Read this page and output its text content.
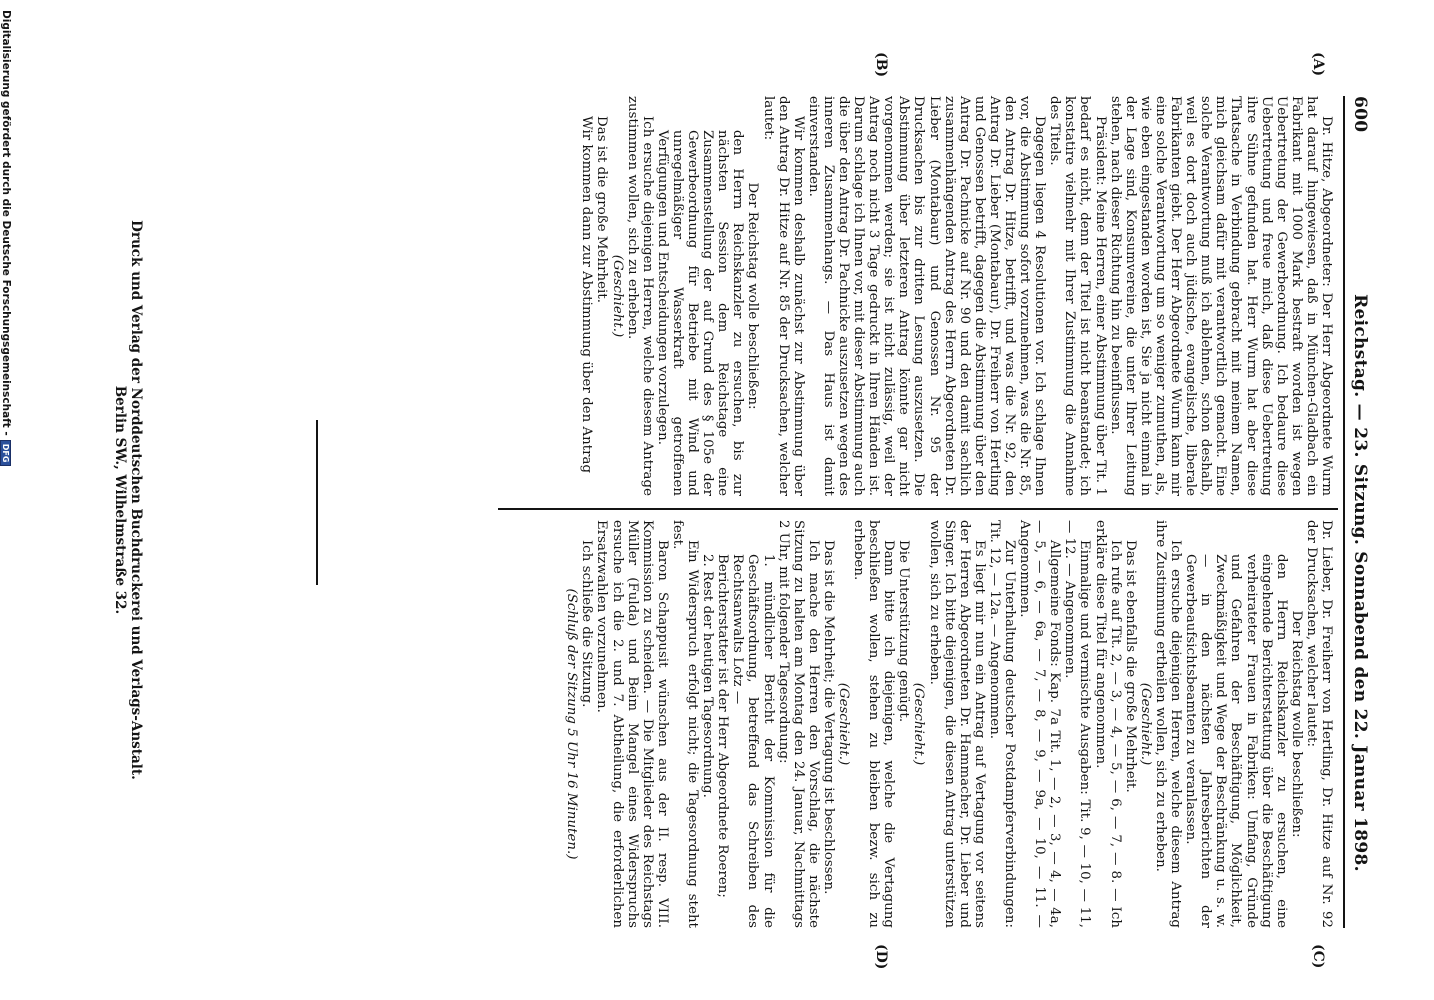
600
Reichstag. — 23. Sitzung. Sonnabend den 22. Januar 1898.
(A)
(B)
(C)
(D)

Dr. Hitze, Abgeordneter: Der Herr Abgeordnete Wurm hat darauf hingewiesen, daß in München-Gladbach ein Fabrikant mit 1000 Mark bestraft worden ist wegen Uebertretung der Gewerbeordnung. Ich bedaure diese Uebertretung und freue mich, daß diese Uebertretung ihre Sühne gefunden hat. Herr Wurm hat aber diese Thatsache in Verbindung gebracht mit meinem Namen, mich gleichsam dafür mit verantwortlich gemacht. Eine solche Verantwortung muß ich ablehnen, schon deshalb, weil es dort doch auch jüdische, evangelische, liberale Fabrikanten giebt. Der Herr Abgeordnete Wurm kann mir eine solche Verantwortung um so weniger zumuthen, als, wie eben eingestanden worden ist, Sie ja nicht einmal in der Lage sind, Konsumvereine, die unter Ihrer Leitung stehen, nach dieser Richtung hin zu beeinflussen.

Präsident: Meine Herren, einer Abstimmung über Tit. 1 bedarf es nicht, denn der Titel ist nicht beanstandet; ich konstatire vielmehr mit Ihrer Zustimmung die Annahme des Titels.

Dagegen liegen 4 Resolutionen vor. Ich schlage Ihnen vor, die Abstimmung sofort vorzunehmen, was die Nr. 85, den Antrag Dr. Hitze, betrifft, und was die Nr. 92, den Antrag Dr. Lieber (Montabaur), Dr. Freiherr von Hertling und Genossen betrifft, dagegen die Abstimmung über den Antrag Dr. Pachnicke auf Nr. 90 und den damit sachlich zusammenhängenden Antrag des Herrn Abgeordneten Dr. Lieber (Montabaur) und Genossen Nr. 95 der Drucksachen bis zur dritten Lesung auszusetzen. Die Abstimmung über letzteren Antrag könnte gar nicht vorgenommen werden; sie ist nicht zulässig, weil der Antrag noch nicht 3 Tage gedruckt in Ihren Händen ist. Darum schlage ich Ihnen vor, mit dieser Abstimmung auch die über den Antrag Dr. Pachnicke auszusetzen wegen des inneren Zusammenhangs. — Das Haus ist damit einverstanden.

Wir kommen deshalb zunächst zur Abstimmung über den Antrag Dr. Hitze auf Nr. 85 der Drucksachen, welcher lautet:

Der Reichstag wolle beschließen:

den Herrn Reichskanzler zu ersuchen, bis zur nächsten Session dem Reichstage eine Zusammenstellung der auf Grund des § 105e der Gewerbeordnung für Betriebe mit Wind und unregelmäßiger Wasserkraft getroffenen Verfügungen und Entscheidungen vorzulegen.

Ich ersuche diejenigen Herren, welche diesem Antrage zustimmen wollen, sich zu erheben.

(Geschieht.)

Das ist die große Mehrheit.

Wir kommen dann zur Abstimmung über den Antrag

Dr. Lieber, Dr. Freiherr von Hertling, Dr. Hitze auf Nr. 92 der Drucksachen, welcher lautet:

Der Reichstag wolle beschließen:

den Herrn Reichskanzler zu ersuchen, eine eingehende Berichterstattung über die Beschäftigung verheirateter Frauen in Fabriken: Umfang, Gründe und Gefahren der Beschäftigung, Möglichkeit, Zweckmäßigkeit und Wege der Beschränkung u. s. w. — in den nächsten Jahresberichten der Gewerbeaufsichtsbeamten zu veranlassen.

Ich ersuche diejenigen Herren, welche diesem Antrag ihre Zustimmung ertheilen wollen, sich zu erheben.

(Geschieht.)

Das ist ebenfalls die große Mehrheit.

Ich rufe auf Tit. 2, — 3, — 4, — 5, — 6, — 7, — 8. — Ich erkläre diese Titel für angenommen.

Einmalige und vermischte Ausgaben: Tit. 9, — 10, — 11, — 12. — Angenommen.

Allgemeine Fonds: Kap. 7a Tit. 1, — 2, — 3, — 4, — 4a, — 5, — 6, — 6a, — 7, — 8, — 9, — 9a, — 10, — 11. — Angenommen.

Zur Unterhaltung deutscher Postdampferverbindungen: Tit. 12, — 12a. — Angenommen.

Es liegt mir nun ein Antrag auf Vertagung vor seitens der Herren Abgeordneten Dr. Hammacher, Dr. Lieber und Singer. Ich bitte diejenigen, die diesen Antrag unterstützen wollen, sich zu erheben.

(Geschieht.)

Die Unterstützung genügt.

Dann bitte ich diejenigen, welche die Vertagung beschließen wollen, stehen zu bleiben bezw. sich zu erheben.

(Geschieht.)

Das ist die Mehrheit; die Vertagung ist beschlossen.

Ich mache den Herren den Vorschlag, die nächste Sitzung zu halten am Montag den 24. Januar, Nachmittags 2 Uhr, mit folgender Tagesordnung:

1. mündlicher Bericht der Kommission für die Geschäftsordnung, betreffend das Schreiben des Rechtsanwalts Lotz —

Berichterstatter ist der Herr Abgeordnete Roeren;

2. Rest der heutigen Tagesordnung.

Ein Widerspruch erfolgt nicht; die Tagesordnung steht fest.

Baron Schappusit wünschen aus der II. resp. VIII. Kommission zu scheiden. — Die Mitglieder des Reichstags Müller (Fulda) und Beim Mangel eines Widerspruchs ersuche ich die 2. und 7. Abtheilung, die erforderlichen Ersatzwahlen vorzunehmen.

Ich schließe die Sitzung.

(Schluß der Sitzung 5 Uhr 16 Minuten.)

Druck und Verlag der Norddeutschen Buchdruckerei und Verlags-Anstalt.
Berlin SW., Wilhelmstraße 32.
Digitalisierung gefördert durch die Deutsche Forschungsgemeinschaft -DFG
